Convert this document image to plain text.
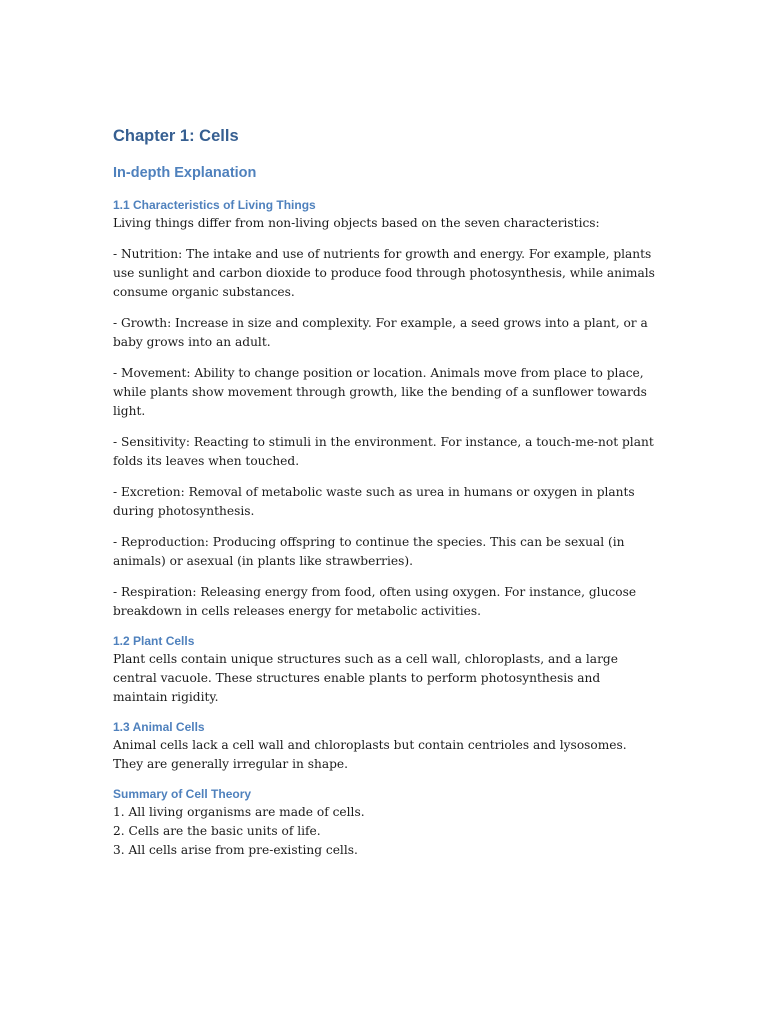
Chapter 1: Cells
In-depth Explanation
1.1 Characteristics of Living Things

Living things differ from non-living objects based on the seven characteristics:

- Nutrition: The intake and use of nutrients for growth and energy. For example, plants use sunlight and carbon dioxide to produce food through photosynthesis, while animals consume organic substances.

- Growth: Increase in size and complexity. For example, a seed grows into a plant, or a baby grows into an adult.

- Movement: Ability to change position or location. Animals move from place to place, while plants show movement through growth, like the bending of a sunflower towards light.

- Sensitivity: Reacting to stimuli in the environment. For instance, a touch-me-not plant folds its leaves when touched.

- Excretion: Removal of metabolic waste such as urea in humans or oxygen in plants during photosynthesis.

- Reproduction: Producing offspring to continue the species. This can be sexual (in animals) or asexual (in plants like strawberries).

- Respiration: Releasing energy from food, often using oxygen. For instance, glucose breakdown in cells releases energy for metabolic activities.

1.2 Plant Cells

Plant cells contain unique structures such as a cell wall, chloroplasts, and a large central vacuole. These structures enable plants to perform photosynthesis and maintain rigidity.

1.3 Animal Cells

Animal cells lack a cell wall and chloroplasts but contain centrioles and lysosomes. They are generally irregular in shape.

Summary of Cell Theory
1. All living organisms are made of cells.
2. Cells are the basic units of life.
3. All cells arise from pre-existing cells.
